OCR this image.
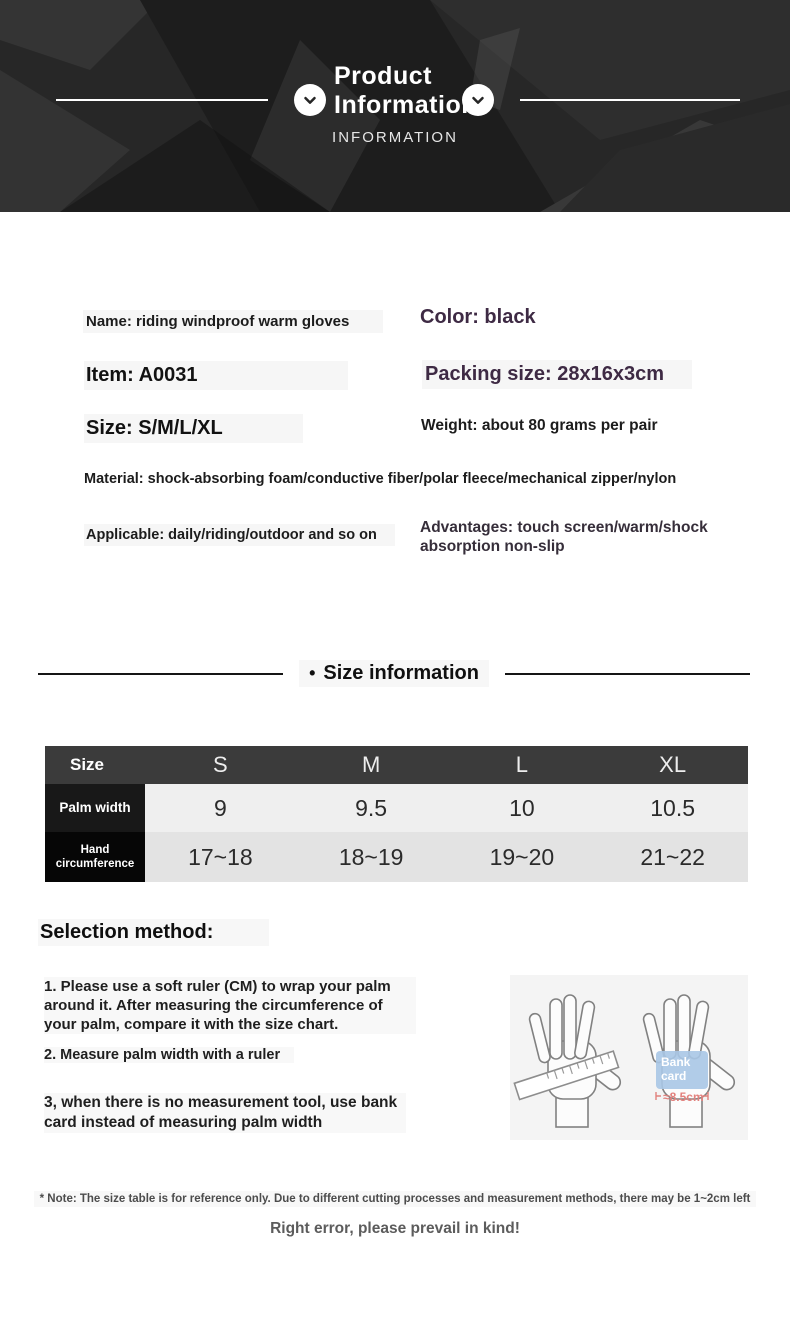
Product
Information
INFORMATION
Name: riding windproof warm gloves	Color: black
Item: A0031	Packing size: 28x16x3cm
Size: S/M/L/XL	Weight: about 80 grams per pair
Material: shock-absorbing foam/conductive fiber/polar fleece/mechanical zipper/nylon
Applicable: daily/riding/outdoor and so on	Advantages: touch screen/warm/shock absorption non-slip
• Size information
Size	S	M	L	XL
Palm width	9	9.5	10	10.5
Hand circumference	17~18	18~19	19~20	21~22
Selection method:
1. Please use a soft ruler (CM) to wrap your palm around it. After measuring the circumference of your palm, compare it with the size chart.
2. Measure palm width with a ruler
3, when there is no measurement tool, use bank card instead of measuring palm width
Bank
card
≈8.5cm
* Note: The size table is for reference only. Due to different cutting processes and measurement methods, there may be 1~2cm left
Right error, please prevail in kind!
